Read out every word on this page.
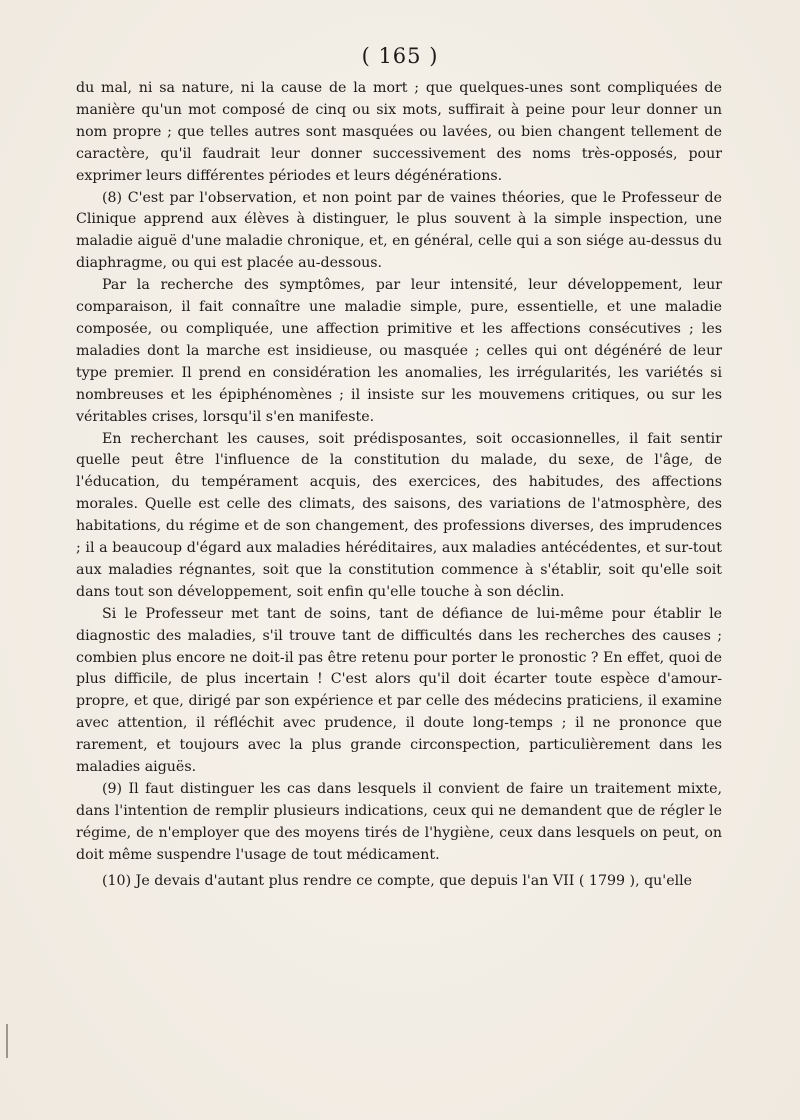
( 165 )

du mal, ni sa nature, ni la cause de la mort ; que quelques-unes sont compliquées de manière qu'un mot composé de cinq ou six mots, suffirait à peine pour leur donner un nom propre ; que telles autres sont masquées ou lavées, ou bien changent tellement de caractère, qu'il faudrait leur donner successivement des noms très-opposés, pour exprimer leurs différentes périodes et leurs dégénérations.

(8) C'est par l'observation, et non point par de vaines théories, que le Professeur de Clinique apprend aux élèves à distinguer, le plus souvent à la simple inspection, une maladie aiguë d'une maladie chronique, et, en général, celle qui a son siége au-dessus du diaphragme, ou qui est placée au-dessous.

Par la recherche des symptômes, par leur intensité, leur développement, leur comparaison, il fait connaître une maladie simple, pure, essentielle, et une maladie composée, ou compliquée, une affection primitive et les affections consécutives ; les maladies dont la marche est insidieuse, ou masquée ; celles qui ont dégénéré de leur type premier. Il prend en considération les anomalies, les irrégularités, les variétés si nombreuses et les épiphénomènes ; il insiste sur les mouvemens critiques, ou sur les véritables crises, lorsqu'il s'en manifeste.

En recherchant les causes, soit prédisposantes, soit occasionnelles, il fait sentir quelle peut être l'influence de la constitution du malade, du sexe, de l'âge, de l'éducation, du tempérament acquis, des exercices, des habitudes, des affections morales. Quelle est celle des climats, des saisons, des variations de l'atmosphère, des habitations, du régime et de son changement, des professions diverses, des imprudences ; il a beaucoup d'égard aux maladies héréditaires, aux maladies antécédentes, et sur-tout aux maladies régnantes, soit que la constitution commence à s'établir, soit qu'elle soit dans tout son développement, soit enfin qu'elle touche à son déclin.

Si le Professeur met tant de soins, tant de défiance de lui-même pour établir le diagnostic des maladies, s'il trouve tant de difficultés dans les recherches des causes ; combien plus encore ne doit-il pas être retenu pour porter le pronostic ? En effet, quoi de plus difficile, de plus incertain ! C'est alors qu'il doit écarter toute espèce d'amour-propre, et que, dirigé par son expérience et par celle des médecins praticiens, il examine avec attention, il réfléchit avec prudence, il doute long-temps ; il ne prononce que rarement, et toujours avec la plus grande circonspection, particulièrement dans les maladies aiguës.

(9) Il faut distinguer les cas dans lesquels il convient de faire un traitement mixte, dans l'intention de remplir plusieurs indications, ceux qui ne demandent que de régler le régime, de n'employer que des moyens tirés de l'hygiène, ceux dans lesquels on peut, on doit même suspendre l'usage de tout médicament.

(10) Je devais d'autant plus rendre ce compte, que depuis l'an VII ( 1799 ), qu'elle
